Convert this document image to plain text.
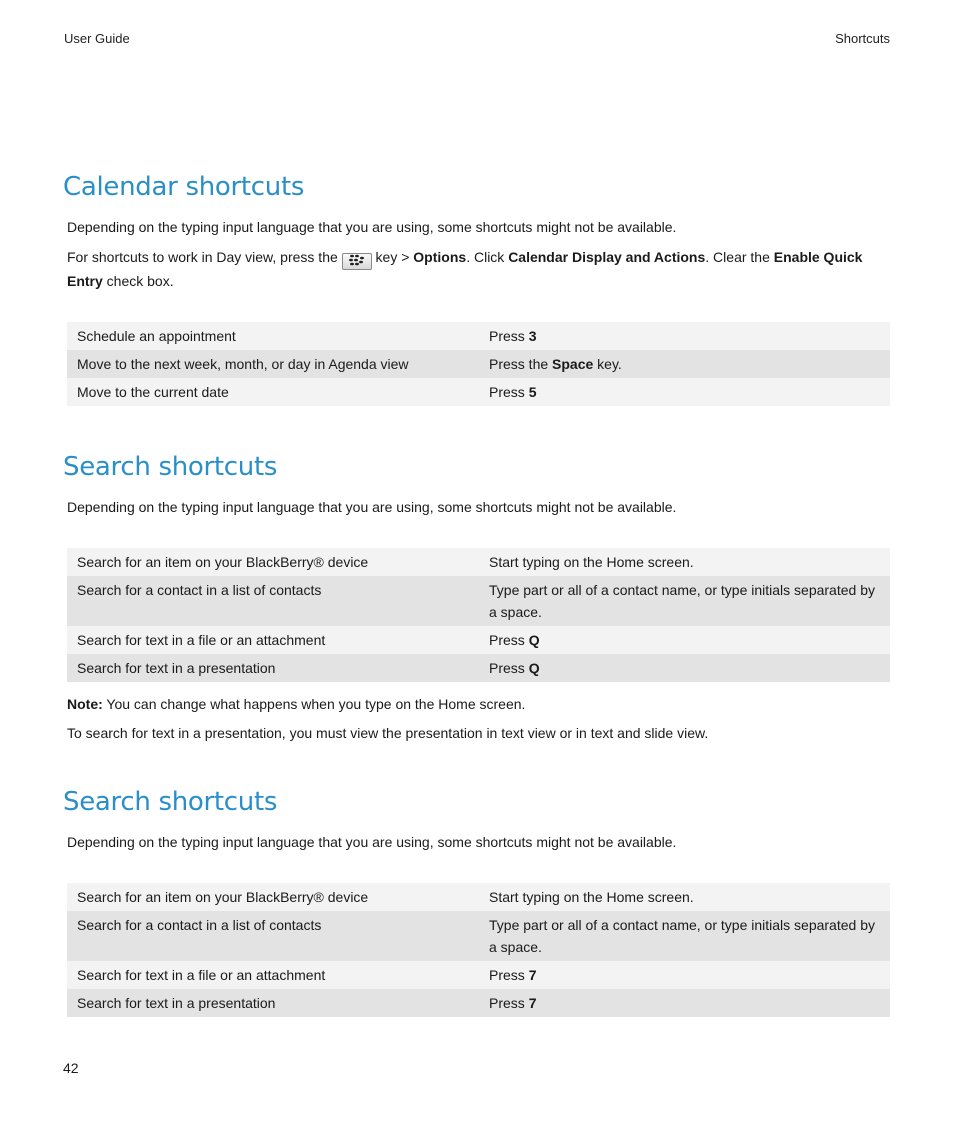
User Guide	Shortcuts
Calendar shortcuts

Depending on the typing input language that you are using, some shortcuts might not be available.

For shortcuts to work in Day view, press the  key > Options. Click Calendar Display and Actions. Clear the Enable Quick Entry check box.

Schedule an appointment	Press 3
Move to the next week, month, or day in Agenda view	Press the Space key.
Move to the current date	Press 5
Search shortcuts

Depending on the typing input language that you are using, some shortcuts might not be available.

Search for an item on your BlackBerry® device	Start typing on the Home screen.
Search for a contact in a list of contacts	Type part or all of a contact name, or type initials separated by a space.
Search for text in a file or an attachment	Press Q
Search for text in a presentation	Press Q

Note: You can change what happens when you type on the Home screen.

To search for text in a presentation, you must view the presentation in text view or in text and slide view.

Search shortcuts

Depending on the typing input language that you are using, some shortcuts might not be available.

Search for an item on your BlackBerry® device	Start typing on the Home screen.
Search for a contact in a list of contacts	Type part or all of a contact name, or type initials separated by a space.
Search for text in a file or an attachment	Press 7
Search for text in a presentation	Press 7
42
